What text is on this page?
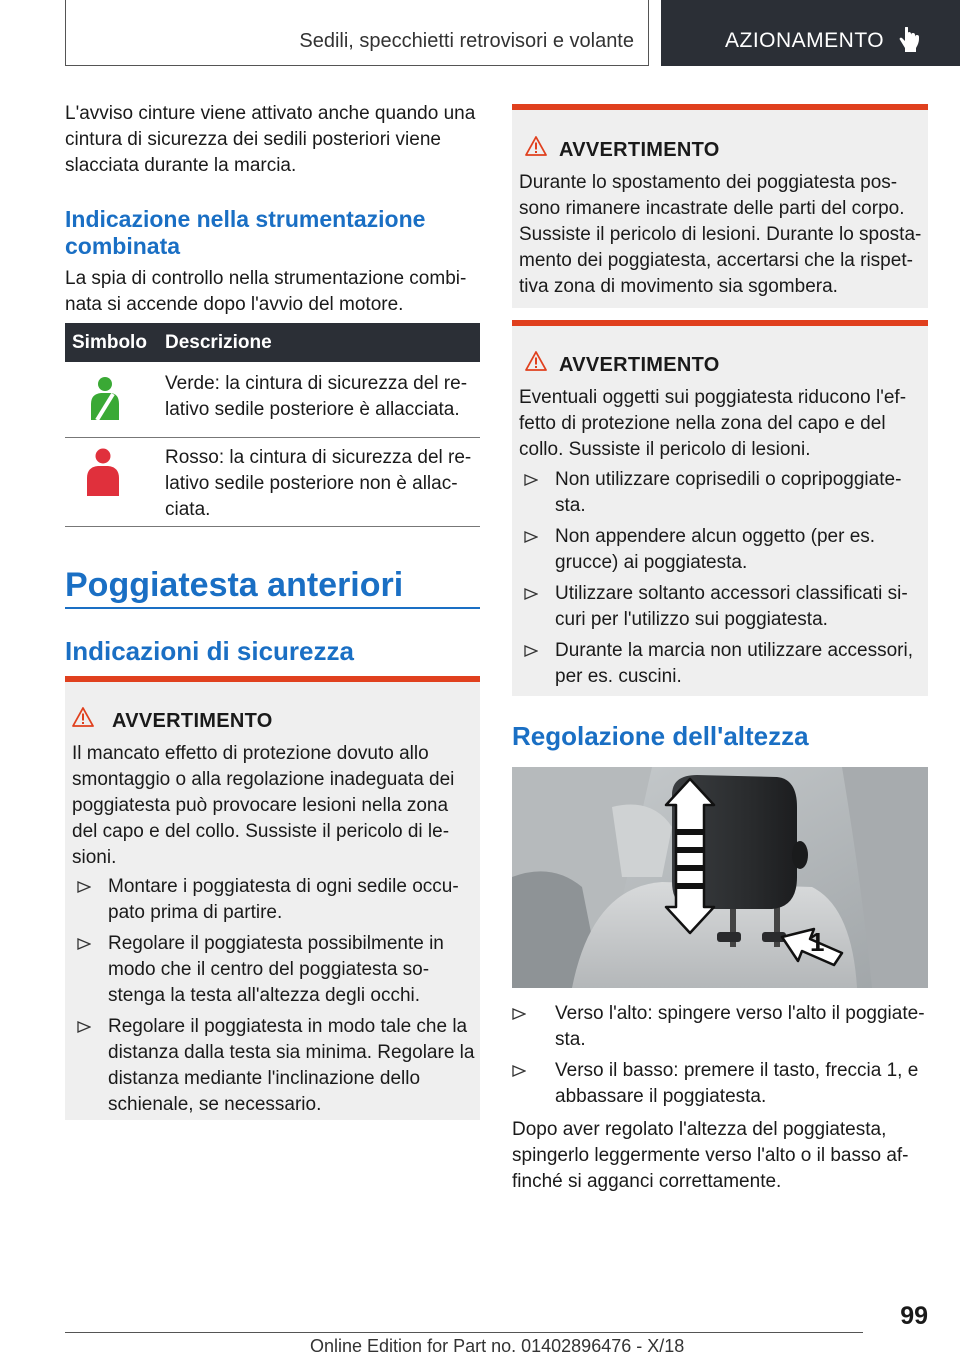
Sedili, specchietti retrovisori e volante	AZIONAMENTO

L'avviso cinture viene attivato anche quando una

cintura di sicurezza dei sedili posteriori viene

slacciata durante la marcia.

Indicazione nella strumentazione
combinata

La spia di controllo nella strumentazione combi-

nata si accende dopo l'avvio del motore.

Simbolo Descrizione

Verde: la cintura di sicurezza del re-

lativo sedile posteriore è allacciata.

Rosso: la cintura di sicurezza del re-

lativo sedile posteriore non è allac-

ciata.

Poggiatesta anteriori
Indicazioni di sicurezza
AVVERTIMENTO

Il mancato effetto di protezione dovuto allo

smontaggio o alla regolazione inadeguata dei

poggiatesta può provocare lesioni nella zona

del capo e del collo. Sussiste il pericolo di le-

sioni.

Montare i poggiatesta di ogni sedile occu-

pato prima di partire.

Regolare il poggiatesta possibilmente in

modo che il centro del poggiatesta so-

stenga la testa all'altezza degli occhi.

Regolare il poggiatesta in modo tale che la

distanza dalla testa sia minima. Regolare la

distanza mediante l'inclinazione dello

schienale, se necessario.

AVVERTIMENTO

Durante lo spostamento dei poggiatesta pos-

sono rimanere incastrate delle parti del corpo.

Sussiste il pericolo di lesioni. Durante lo sposta-

mento dei poggiatesta, accertarsi che la rispet-

tiva zona di movimento sia sgombera.

AVVERTIMENTO

Eventuali oggetti sui poggiatesta riducono l'ef-

fetto di protezione nella zona del capo e del

collo. Sussiste il pericolo di lesioni.

Non utilizzare coprisedili o copripoggiate-

sta.

Non appendere alcun oggetto (per es.

grucce) ai poggiatesta.

Utilizzare soltanto accessori classificati si-

curi per l'utilizzo sui poggiatesta.

Durante la marcia non utilizzare accessori,

per es. cuscini.

Regolazione dell'altezza
1

Verso l'alto: spingere verso l'alto il poggiate-

sta.

Verso il basso: premere il tasto, freccia 1, e

abbassare il poggiatesta.

Dopo aver regolato l'altezza del poggiatesta,

spingerlo leggermente verso l'alto o il basso af-

finché si agganci correttamente.

99
Online Edition for Part no. 01402896476 - X/18
